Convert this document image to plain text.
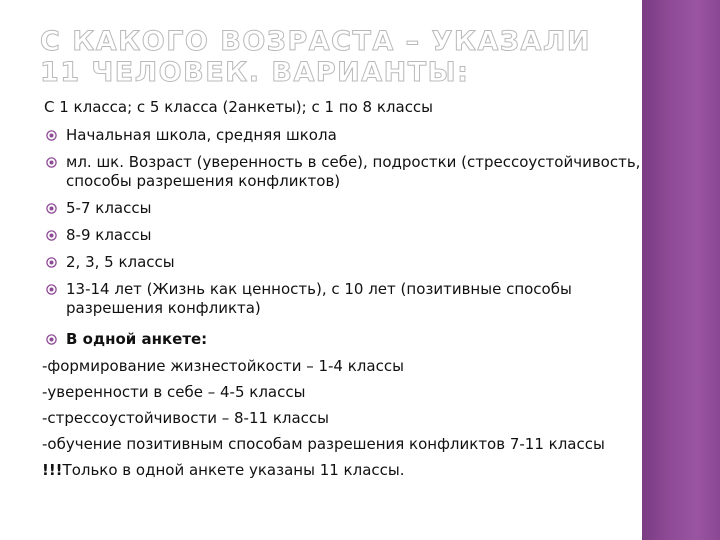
С КАКОГО ВОЗРАСТА – УКАЗАЛИ 11 ЧЕЛОВЕК. ВАРИАНТЫ:

С 1 класса; с 5 класса (2анкеты); с 1 по 8 классы

Начальная школа, средняя школа
мл. шк. Возраст (уверенность в себе), подростки (стрессоустойчивость, способы разрешения конфликтов)
5-7 классы
8-9 классы
2, 3, 5 классы
13-14 лет (Жизнь как ценность), с 10 лет (позитивные способы разрешения конфликта)
В одной анкете:

-формирование жизнестойкости – 1-4 классы

-уверенности в себе – 4-5 классы

-стрессоустойчивости – 8-11 классы

-обучение позитивным способам разрешения конфликтов 7-11 классы

!!!Только в одной анкете указаны 11 классы.
